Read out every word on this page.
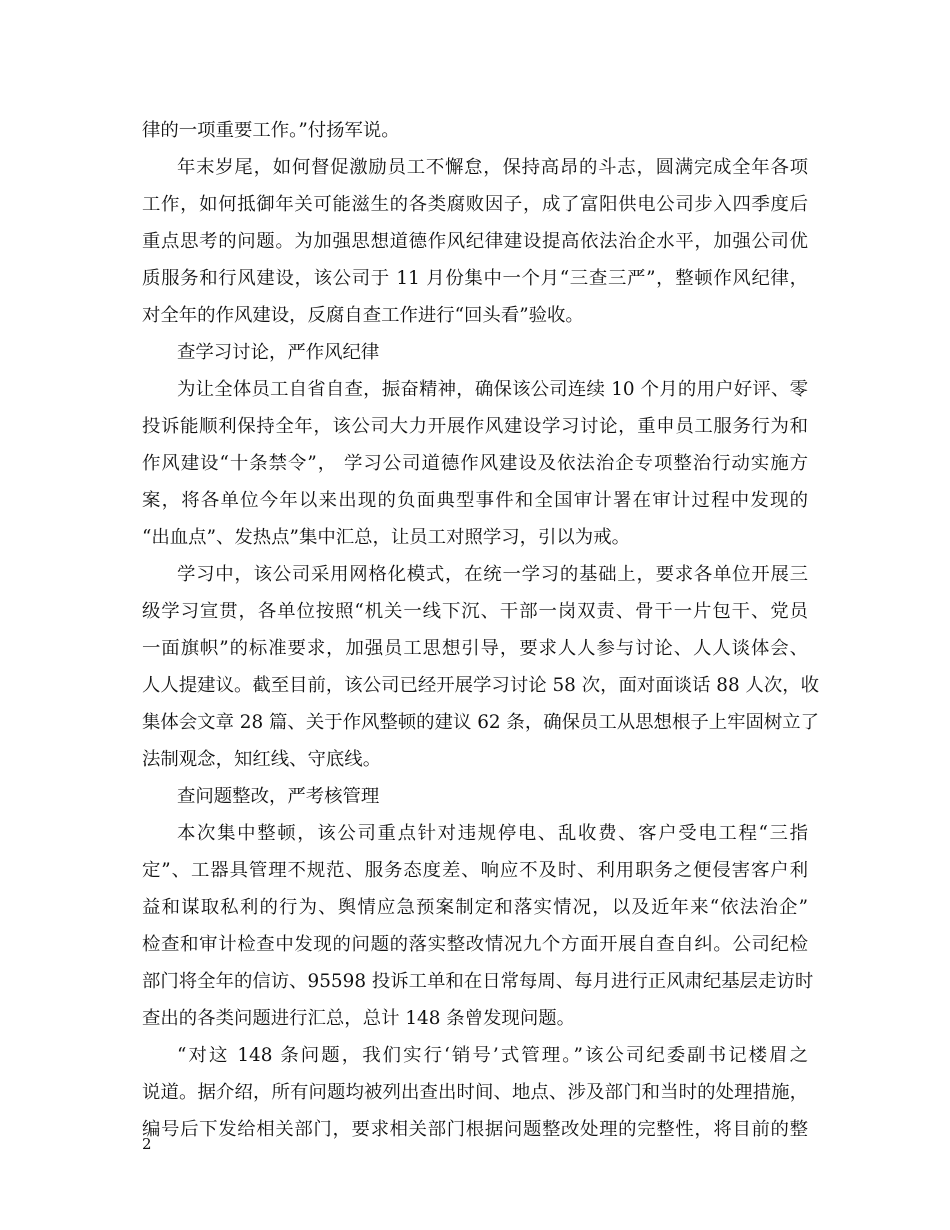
律的一项重要工作。”付扬军说。
年末岁尾，如何督促激励员工不懈怠，保持高昂的斗志，圆满完成全年各项
工作，如何抵御年关可能滋生的各类腐败因子，成了富阳供电公司步入四季度后
重点思考的问题。为加强思想道德作风纪律建设提高依法治企水平，加强公司优
质服务和行风建设，该公司于 11 月份集中一个月“三查三严”，整顿作风纪律，
对全年的作风建设，反腐自查工作进行“回头看”验收。
查学习讨论，严作风纪律
为让全体员工自省自查，振奋精神，确保该公司连续 10 个月的用户好评、零
投诉能顺利保持全年，该公司大力开展作风建设学习讨论，重申员工服务行为和
作风建设“十条禁令”， 学习公司道德作风建设及依法治企专项整治行动实施方
案，将各单位今年以来出现的负面典型事件和全国审计署在审计过程中发现的
“出血点”、发热点”集中汇总，让员工对照学习，引以为戒。
学习中，该公司采用网格化模式，在统一学习的基础上，要求各单位开展三
级学习宣贯，各单位按照“机关一线下沉、干部一岗双责、骨干一片包干、党员
一面旗帜”的标准要求，加强员工思想引导，要求人人参与讨论、人人谈体会、
人人提建议。截至目前，该公司已经开展学习讨论 58 次，面对面谈话 88 人次，收
集体会文章 28 篇、关于作风整顿的建议 62 条，确保员工从思想根子上牢固树立了
法制观念，知红线、守底线。
查问题整改，严考核管理
本次集中整顿，该公司重点针对违规停电、乱收费、客户受电工程“三指
定”、工器具管理不规范、服务态度差、响应不及时、利用职务之便侵害客户利
益和谋取私利的行为、舆情应急预案制定和落实情况，以及近年来“依法治企”
检查和审计检查中发现的问题的落实整改情况九个方面开展自查自纠。公司纪检
部门将全年的信访、95598 投诉工单和在日常每周、每月进行正风肃纪基层走访时
查出的各类问题进行汇总，总计 148 条曾发现问题。
“对这 148 条问题，我们实行‘销号’式管理。”该公司纪委副书记楼眉之
说道。据介绍，所有问题均被列出查出时间、地点、涉及部门和当时的处理措施，
编号后下发给相关部门，要求相关部门根据问题整改处理的完整性，将目前的整
2
